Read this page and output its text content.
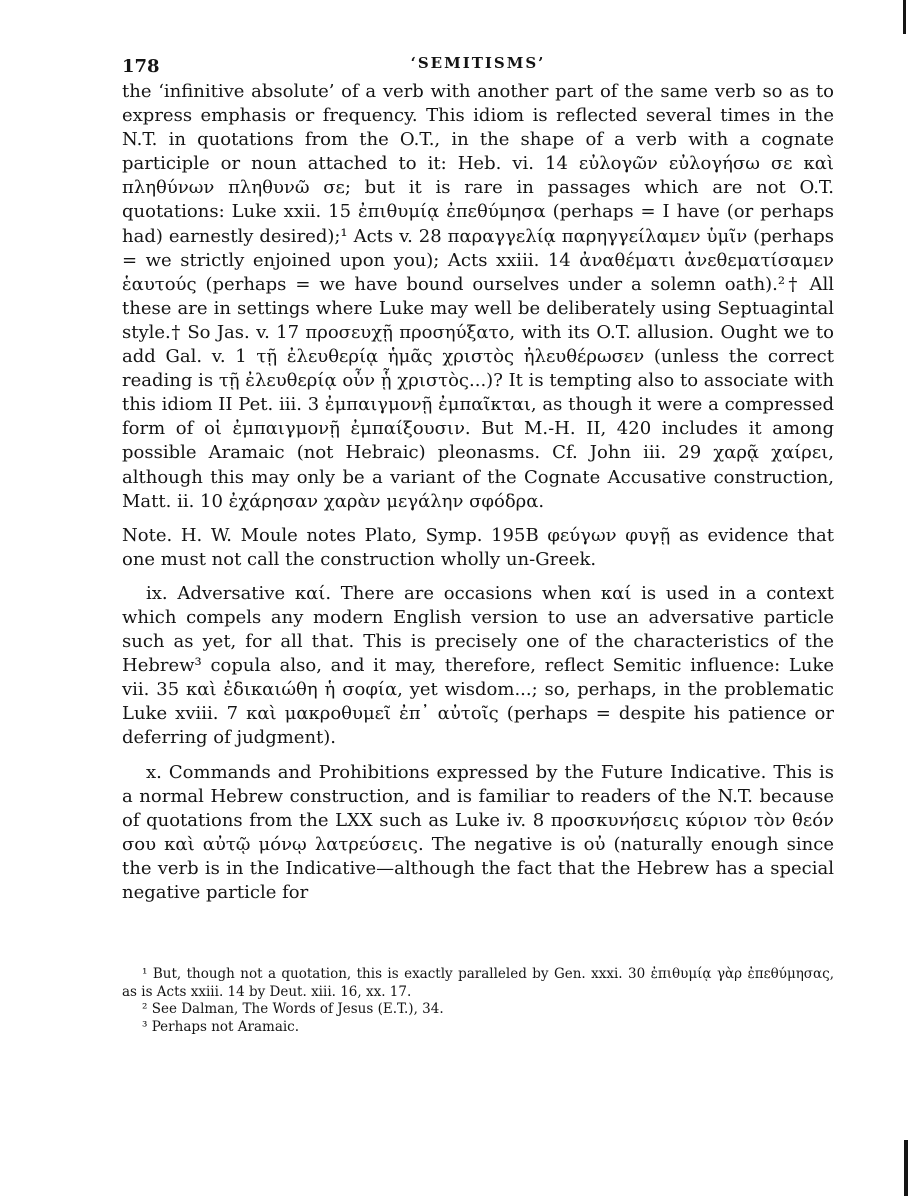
178	‘SEMITISMS’

the ‘infinitive absolute’ of a verb with another part of the same verb so as to express emphasis or frequency. This idiom is reflected several times in the N.T. in quotations from the O.T., in the shape of a verb with a cognate participle or noun attached to it: Heb. vi. 14 εὐλογῶν εὐλογήσω σε καὶ πληθύνων πληθυνῶ σε; but it is rare in passages which are not O.T. quotations: Luke xxii. 15 ἐπιθυμίᾳ ἐπεθύμησα (perhaps = I have (or perhaps had) earnestly desired);¹ Acts v. 28 παραγγελίᾳ παρηγγείλαμεν ὑμῖν (perhaps = we strictly enjoined upon you); Acts xxiii. 14 ἀναθέματι ἀνεθεματίσαμεν ἑαυτούς (perhaps = we have bound ourselves under a solemn oath).²† All these are in settings where Luke may well be deliberately using Septuagintal style.† So Jas. v. 17 προσευχῇ προσηύξατο, with its O.T. allusion. Ought we to add Gal. v. 1 τῇ ἐλευθερίᾳ ἡμᾶς χριστὸς ἠλευθέρωσεν (unless the correct reading is τῇ ἐλευθερίᾳ οὖν ᾗ χριστὸς...)? It is tempting also to associate with this idiom II Pet. iii. 3 ἐμπαιγμονῇ ἐμπαῖκται, as though it were a compressed form of οἱ ἐμπαιγμονῇ ἐμπαίξουσιν. But M.-H. II, 420 includes it among possible Aramaic (not Hebraic) pleonasms. Cf. John iii. 29 χαρᾷ χαίρει, although this may only be a variant of the Cognate Accusative construction, Matt. ii. 10 ἐχάρησαν χαρὰν μεγάλην σφόδρα.

Note. H. W. Moule notes Plato, Symp. 195B φεύγων φυγῇ as evidence that one must not call the construction wholly un-Greek.

ix. Adversative καί. There are occasions when καί is used in a context which compels any modern English version to use an adversative particle such as yet, for all that. This is precisely one of the characteristics of the Hebrew³ copula also, and it may, therefore, reflect Semitic influence: Luke vii. 35 καὶ ἐδικαιώθη ἡ σοφία, yet wisdom...; so, perhaps, in the problematic Luke xviii. 7 καὶ μακροθυμεῖ ἐπ᾽ αὐτοῖς (perhaps = despite his patience or deferring of judgment).

x. Commands and Prohibitions expressed by the Future Indicative. This is a normal Hebrew construction, and is familiar to readers of the N.T. because of quotations from the LXX such as Luke iv. 8 προσκυνήσεις κύριον τὸν θεόν σου καὶ αὐτῷ μόνῳ λατρεύσεις. The negative is οὐ (naturally enough since the verb is in the Indicative—although the fact that the Hebrew has a special negative particle for

¹ But, though not a quotation, this is exactly paralleled by Gen. xxxi. 30 ἐπιθυμίᾳ γὰρ ἐπεθύμησας, as is Acts xxiii. 14 by Deut. xiii. 16, xx. 17.

² See Dalman, The Words of Jesus (E.T.), 34.

³ Perhaps not Aramaic.
